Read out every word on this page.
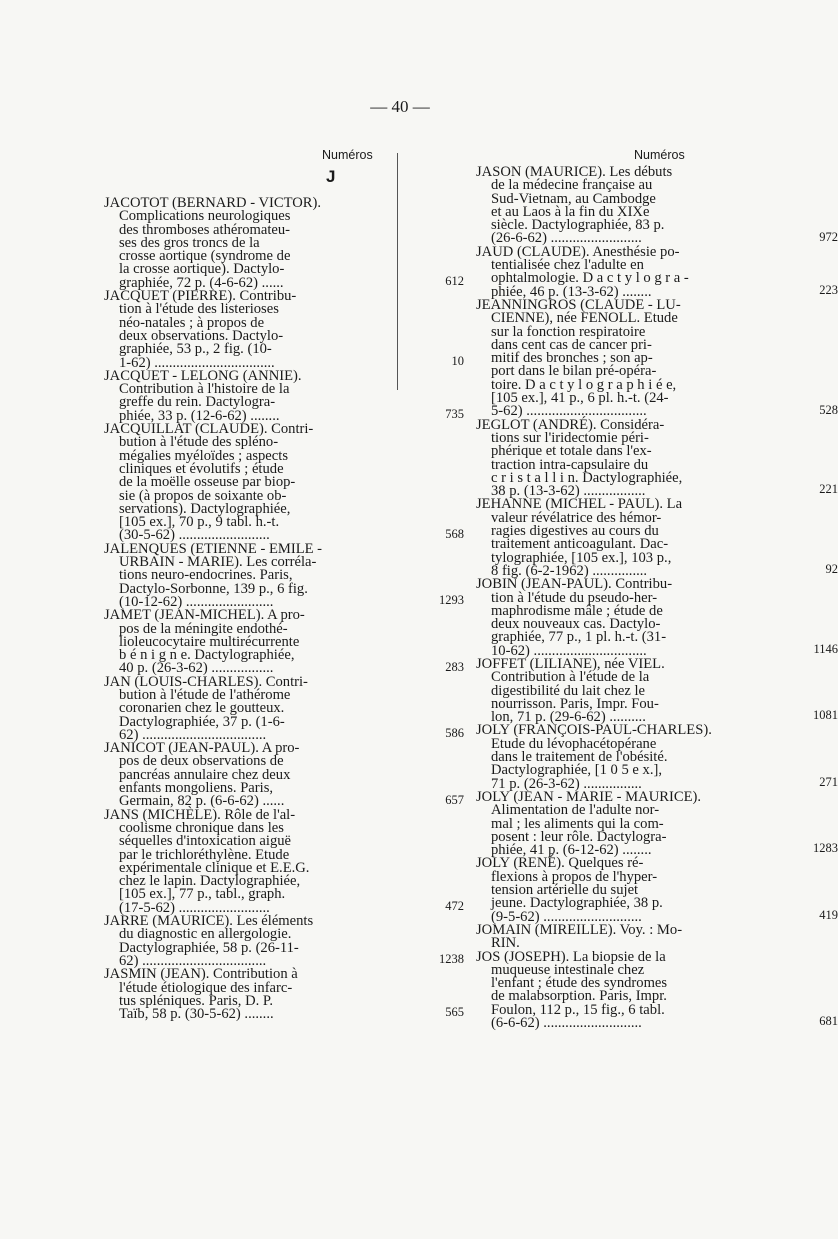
— 40 —
Numéros	Numéros
J
JACOTOT (BERNARD - VICTOR).
Complications neurologiques
des thromboses athéromateu-
ses des gros troncs de la
crosse aortique (syndrome de
la crosse aortique). Dactylo-
graphiée, 72 p. (4-6-62) ......	612
JACQUET (PIERRE). Contribu-
tion à l'étude des listerioses
néo-natales ; à propos de
deux observations. Dactylo-
graphiée, 53 p., 2 fig. (10-
1-62) .................................	10
JACQUET - LELONG (ANNIE).
Contribution à l'histoire de la
greffe du rein. Dactylogra-
phiée, 33 p. (12-6-62) ........	735
JACQUILLAT (CLAUDE). Contri-
bution à l'étude des spléno-
mégalies myéloïdes ; aspects
cliniques et évolutifs ; étude
de la moëlle osseuse par biop-
sie (à propos de soixante ob-
servations). Dactylographiée,
[105 ex.], 70 p., 9 tabl. h.-t.
(30-5-62) .........................	568
JALENQUES (ETIENNE - EMILE -
URBAIN - MARIE). Les corréla-
tions neuro-endocrines. Paris,
Dactylo-Sorbonne, 139 p., 6 fig.
(10-12-62) ........................	1293
JAMET (JEAN-MICHEL). A pro-
pos de la méningite endothé-
lioleucocytaire multirécurrente
b é n i g n e. Dactylographiée,
40 p. (26-3-62) .................	283
JAN (LOUIS-CHARLES). Contri-
bution à l'étude de l'athérome
coronarien chez le goutteux.
Dactylographiée, 37 p. (1-6-
62) ..................................	586
JANICOT (JEAN-PAUL). A pro-
pos de deux observations de
pancréas annulaire chez deux
enfants mongoliens. Paris,
Germain, 82 p. (6-6-62) ......	657
JANS (MICHÈLE). Rôle de l'al-
coolisme chronique dans les
séquelles d'intoxication aiguë
par le trichloréthylène. Etude
expérimentale clinique et E.E.G.
chez le lapin. Dactylographiée,
[105 ex.], 77 p., tabl., graph.
(17-5-62) .........................	472
JARRE (MAURICE). Les éléments
du diagnostic en allergologie.
Dactylographiée, 58 p. (26-11-
62) ..................................	1238
JASMIN (JEAN). Contribution à
l'étude étiologique des infarc-
tus spléniques. Paris, D. P.
Taïb, 58 p. (30-5-62) ........	565
JASON (MAURICE). Les débuts
de la médecine française au
Sud-Vietnam, au Cambodge
et au Laos à la fin du XIXe
siècle. Dactylographiée, 83 p.
(26-6-62) .........................	972
JAUD (CLAUDE). Anesthésie po-
tentialisée chez l'adulte en
ophtalmologie. D a c t y l o g r a -
phiée, 46 p. (13-3-62) ........	223
JEANNINGROS (CLAUDE - LU-
CIENNE), née FENOLL. Etude
sur la fonction respiratoire
dans cent cas de cancer pri-
mitif des bronches ; son ap-
port dans le bilan pré-opéra-
toire. D a c t y l o g r a p h i é e,
[105 ex.], 41 p., 6 pl. h.-t. (24-
5-62) .................................	528
JEGLOT (ANDRÉ). Considéra-
tions sur l'iridectomie péri-
phérique et totale dans l'ex-
traction intra-capsulaire du
c r i s t a l l i n. Dactylographiée,
38 p. (13-3-62) .................	221
JEHANNE (MICHEL - PAUL). La
valeur révélatrice des hémor-
ragies digestives au cours du
traitement anticoagulant. Dac-
tylographiée, [105 ex.], 103 p.,
8 fig. (6-2-1962) ...............	92
JOBIN (JEAN-PAUL). Contribu-
tion à l'étude du pseudo-her-
maphrodisme mâle ; étude de
deux nouveaux cas. Dactylo-
graphiée, 77 p., 1 pl. h.-t. (31-
10-62) ...............................	1146
JOFFET (LILIANE), née VIEL.
Contribution à l'étude de la
digestibilité du lait chez le
nourrisson. Paris, Impr. Fou-
lon, 71 p. (29-6-62) ..........	1081
JOLY (FRANÇOIS-PAUL-CHARLES).
Etude du lévophacétopérane
dans le traitement de l'obésité.
Dactylographiée, [1 0 5 e x.],
71 p. (26-3-62) ................	271
JOLY (JEAN - MARIE - MAURICE).
Alimentation de l'adulte nor-
mal ; les aliments qui la com-
posent : leur rôle. Dactylogra-
phiée, 41 p. (6-12-62) ........	1283
JOLY (RENÉ). Quelques ré-
flexions à propos de l'hyper-
tension artérielle du sujet
jeune. Dactylographiée, 38 p.
(9-5-62) ...........................	419
JOMAIN (MIREILLE). Voy. : Mo-
RIN.
JOS (JOSEPH). La biopsie de la
muqueuse intestinale chez
l'enfant ; étude des syndromes
de malabsorption. Paris, Impr.
Foulon, 112 p., 15 fig., 6 tabl.
(6-6-62) ...........................	681
